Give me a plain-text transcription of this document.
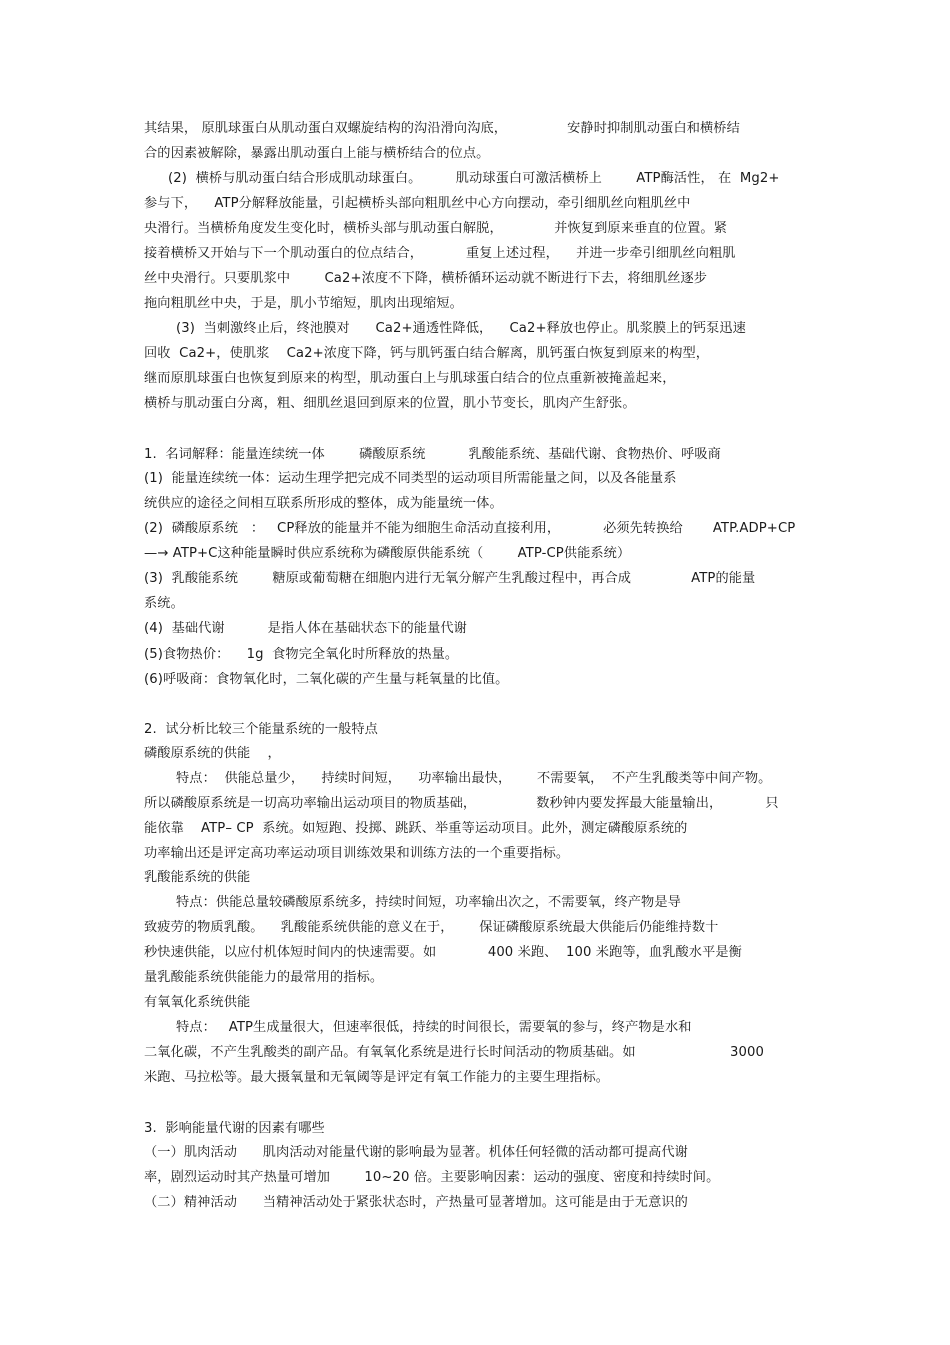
其结果， 原肌球蛋白从肌动蛋白双螺旋结构的沟沿滑向沟底，              安静时抑制肌动蛋白和横桥结
合的因素被解除，暴露出肌动蛋白上能与横桥结合的位点。
(2)  横桥与肌动蛋白结合形成肌动球蛋白。        肌动球蛋白可激活横桥上        ATP酶活性， 在  Mg2+
参与下，    ATP分解释放能量，引起横桥头部向粗肌丝中心方向摆动，牵引细肌丝向粗肌丝中
央滑行。当横桥角度发生变化时，横桥头部与肌动蛋白解脱，            并恢复到原来垂直的位置。紧
接着横桥又开始与下一个肌动蛋白的位点结合，          重复上述过程，    并进一步牵引细肌丝向粗肌
丝中央滑行。只要肌浆中        Ca2+浓度不下降，横桥循环运动就不断进行下去，将细肌丝逐步
拖向粗肌丝中央，于是，肌小节缩短，肌肉出现缩短。
(3)  当刺激终止后，终池膜对      Ca2+通透性降低，    Ca2+释放也停止。肌浆膜上的钙泵迅速
回收  Ca2+，使肌浆    Ca2+浓度下降，钙与肌钙蛋白结合解离，肌钙蛋白恢复到原来的构型，
继而原肌球蛋白也恢复到原来的构型，肌动蛋白上与肌球蛋白结合的位点重新被掩盖起来，
横桥与肌动蛋白分离，粗、细肌丝退回到原来的位置，肌小节变长，肌肉产生舒张。
1.  名词解释：能量连续统一体        磷酸原系统          乳酸能系统、基础代谢、食物热价、呼吸商
(1)  能量连续统一体：运动生理学把完成不同类型的运动项目所需能量之间，以及各能量系
统供应的途径之间相互联系所形成的整体，成为能量统一体。
(2)  磷酸原系统   ：   CP释放的能量并不能为细胞生命活动直接利用，          必须先转换给       ATP.ADP+CP
—→ ATP+C这种能量瞬时供应系统称为磷酸原供能系统（        ATP-CP供能系统）
(3)  乳酸能系统        糖原或葡萄糖在细胞内进行无氧分解产生乳酸过程中，再合成              ATP的能量
系统。
(4)  基础代谢          是指人体在基础状态下的能量代谢
(5)食物热价：    1g  食物完全氧化时所释放的热量。
(6)呼吸商：食物氧化时，二氧化碳的产生量与耗氧量的比值。
2.  试分析比较三个能量系统的一般特点
磷酸原系统的供能    ，
特点：  供能总量少，    持续时间短，    功率输出最快，      不需要氧，  不产生乳酸类等中间产物。
所以磷酸原系统是一切高功率输出运动项目的物质基础，              数秒钟内要发挥最大能量输出，          只
能依靠    ATP– CP  系统。如短跑、投掷、跳跃、举重等运动项目。此外，测定磷酸原系统的
功率输出还是评定高功率运动项目训练效果和训练方法的一个重要指标。
乳酸能系统的供能
特点：供能总量较磷酸原系统多，持续时间短，功率输出次之，不需要氧，终产物是导
致疲劳的物质乳酸。    乳酸能系统供能的意义在于，      保证磷酸原系统最大供能后仍能维持数十
秒快速供能，以应付机体短时间内的快速需要。如            400 米跑、  100 米跑等，血乳酸水平是衡
量乳酸能系统供能能力的最常用的指标。
有氧氧化系统供能
特点：   ATP生成量很大，但速率很低，持续的时间很长，需要氧的参与，终产物是水和
二氧化碳，不产生乳酸类的副产品。有氧氧化系统是进行长时间活动的物质基础。如                      3000
米跑、马拉松等。最大摄氧量和无氧阈等是评定有氧工作能力的主要生理指标。
3.  影响能量代谢的因素有哪些
（一）肌肉活动      肌肉活动对能量代谢的影响最为显著。机体任何轻微的活动都可提高代谢
率，剧烈运动时其产热量可增加        10~20 倍。主要影响因素：运动的强度、密度和持续时间。
（二）精神活动      当精神活动处于紧张状态时，产热量可显著增加。这可能是由于无意识的
